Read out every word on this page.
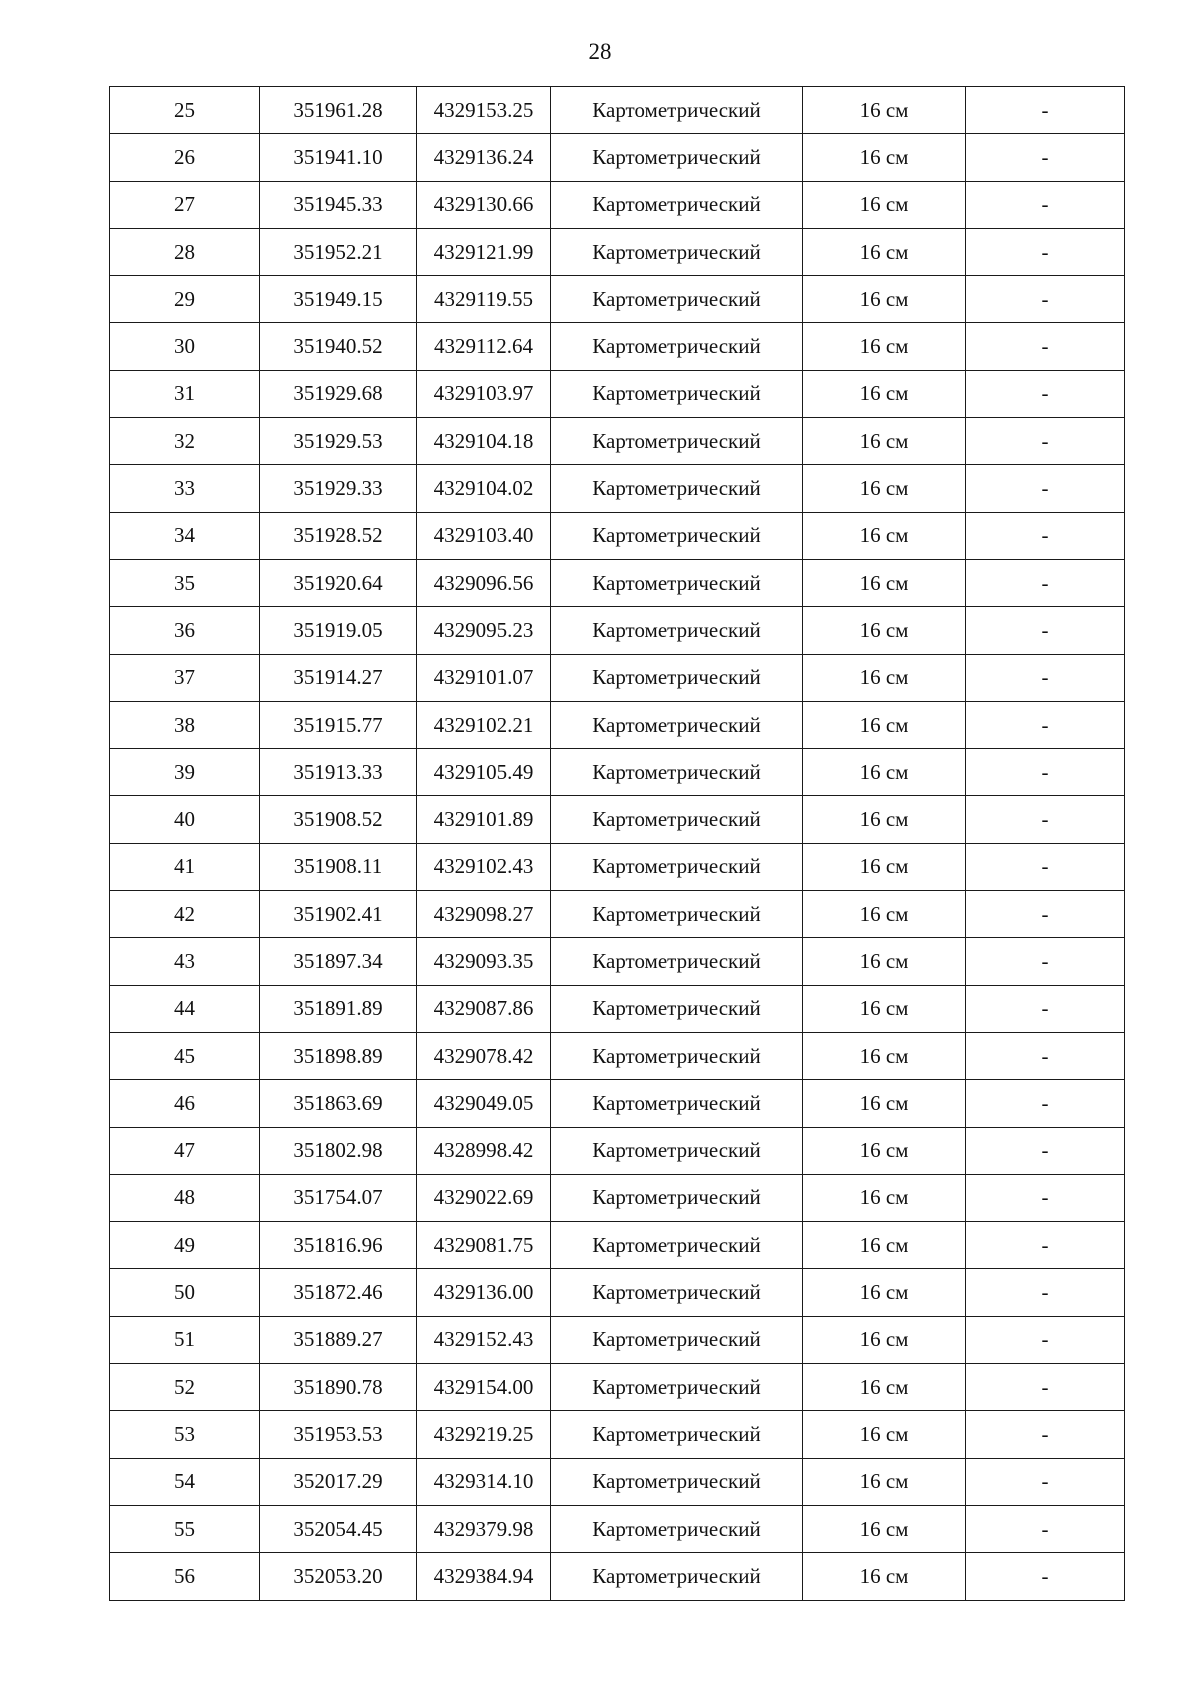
28
25	351961.28	4329153.25	Картометрический	16 см	-
26	351941.10	4329136.24	Картометрический	16 см	-
27	351945.33	4329130.66	Картометрический	16 см	-
28	351952.21	4329121.99	Картометрический	16 см	-
29	351949.15	4329119.55	Картометрический	16 см	-
30	351940.52	4329112.64	Картометрический	16 см	-
31	351929.68	4329103.97	Картометрический	16 см	-
32	351929.53	4329104.18	Картометрический	16 см	-
33	351929.33	4329104.02	Картометрический	16 см	-
34	351928.52	4329103.40	Картометрический	16 см	-
35	351920.64	4329096.56	Картометрический	16 см	-
36	351919.05	4329095.23	Картометрический	16 см	-
37	351914.27	4329101.07	Картометрический	16 см	-
38	351915.77	4329102.21	Картометрический	16 см	-
39	351913.33	4329105.49	Картометрический	16 см	-
40	351908.52	4329101.89	Картометрический	16 см	-
41	351908.11	4329102.43	Картометрический	16 см	-
42	351902.41	4329098.27	Картометрический	16 см	-
43	351897.34	4329093.35	Картометрический	16 см	-
44	351891.89	4329087.86	Картометрический	16 см	-
45	351898.89	4329078.42	Картометрический	16 см	-
46	351863.69	4329049.05	Картометрический	16 см	-
47	351802.98	4328998.42	Картометрический	16 см	-
48	351754.07	4329022.69	Картометрический	16 см	-
49	351816.96	4329081.75	Картометрический	16 см	-
50	351872.46	4329136.00	Картометрический	16 см	-
51	351889.27	4329152.43	Картометрический	16 см	-
52	351890.78	4329154.00	Картометрический	16 см	-
53	351953.53	4329219.25	Картометрический	16 см	-
54	352017.29	4329314.10	Картометрический	16 см	-
55	352054.45	4329379.98	Картометрический	16 см	-
56	352053.20	4329384.94	Картометрический	16 см	-
